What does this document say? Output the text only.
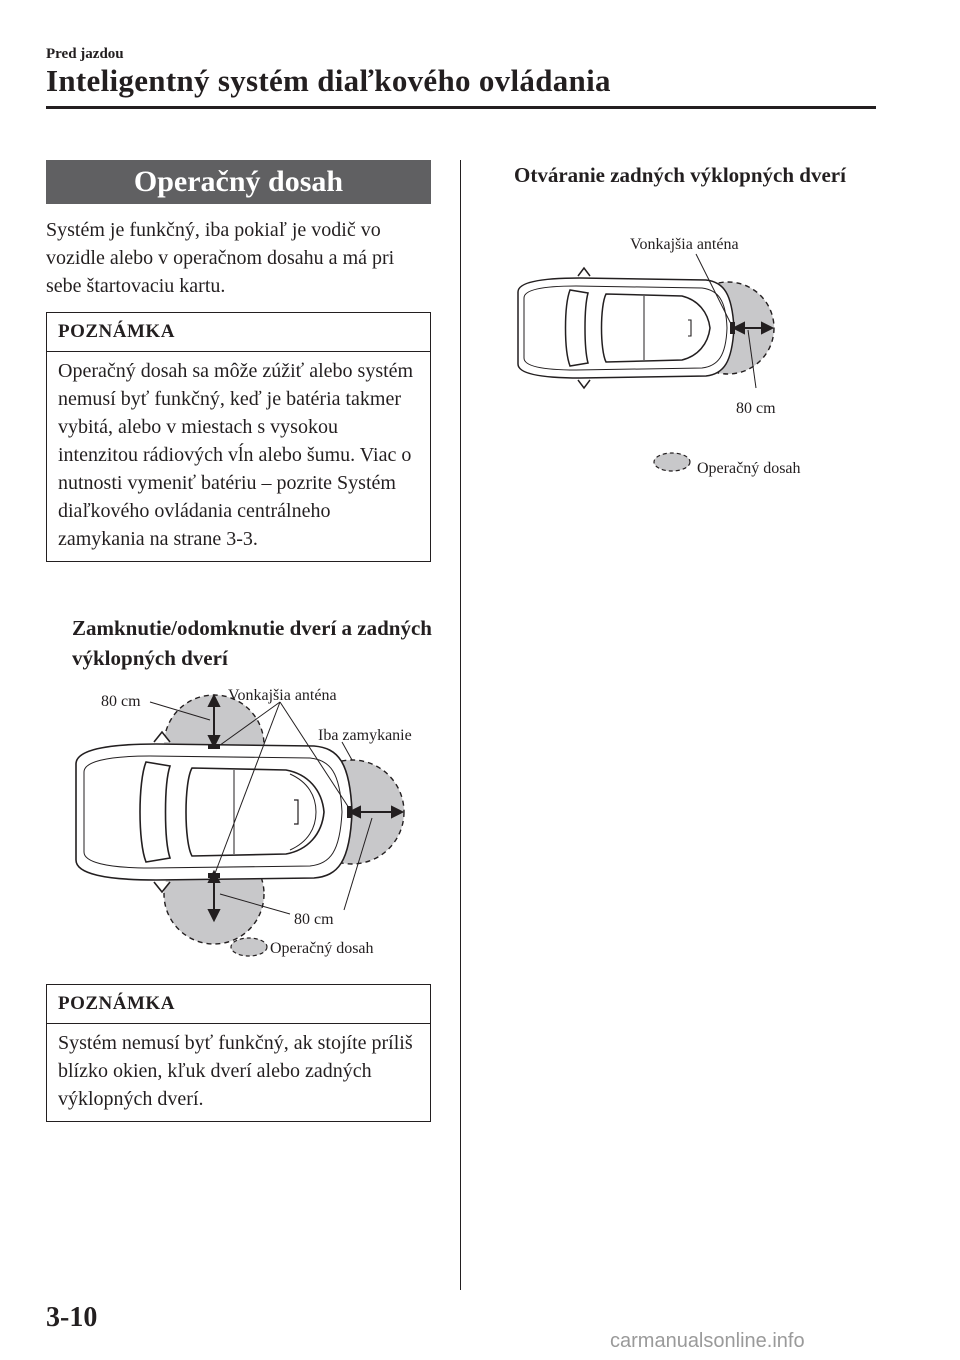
Pred jazdou
Inteligentný systém diaľkového ovládania
Operačný dosah
Systém je funkčný, iba pokiaľ je vodič vo vozidle alebo v operačnom dosahu a má pri sebe štartovaciu kartu.
POZNÁMKA
Operačný dosah sa môže zúžiť alebo systém nemusí byť funkčný, keď je batéria takmer vybitá, alebo v miestach s vysokou intenzitou rádiových vĺn alebo šumu. Viac o nutnosti vymeniť batériu – pozrite Systém diaľkového ovládania centrálneho zamykania na strane 3-3.
Zamknutie/odomknutie dverí a zadných výklopných dverí
80 cm	Vonkajšia anténa
Iba zamykanie
80 cm
Operačný dosah
POZNÁMKA
Systém nemusí byť funkčný, ak stojíte príliš blízko okien, kľuk dverí alebo zadných výklopných dverí.
Otváranie zadných výklopných dverí
Vonkajšia anténa
80 cm
Operačný dosah
3-10
carmanualsonline.info
